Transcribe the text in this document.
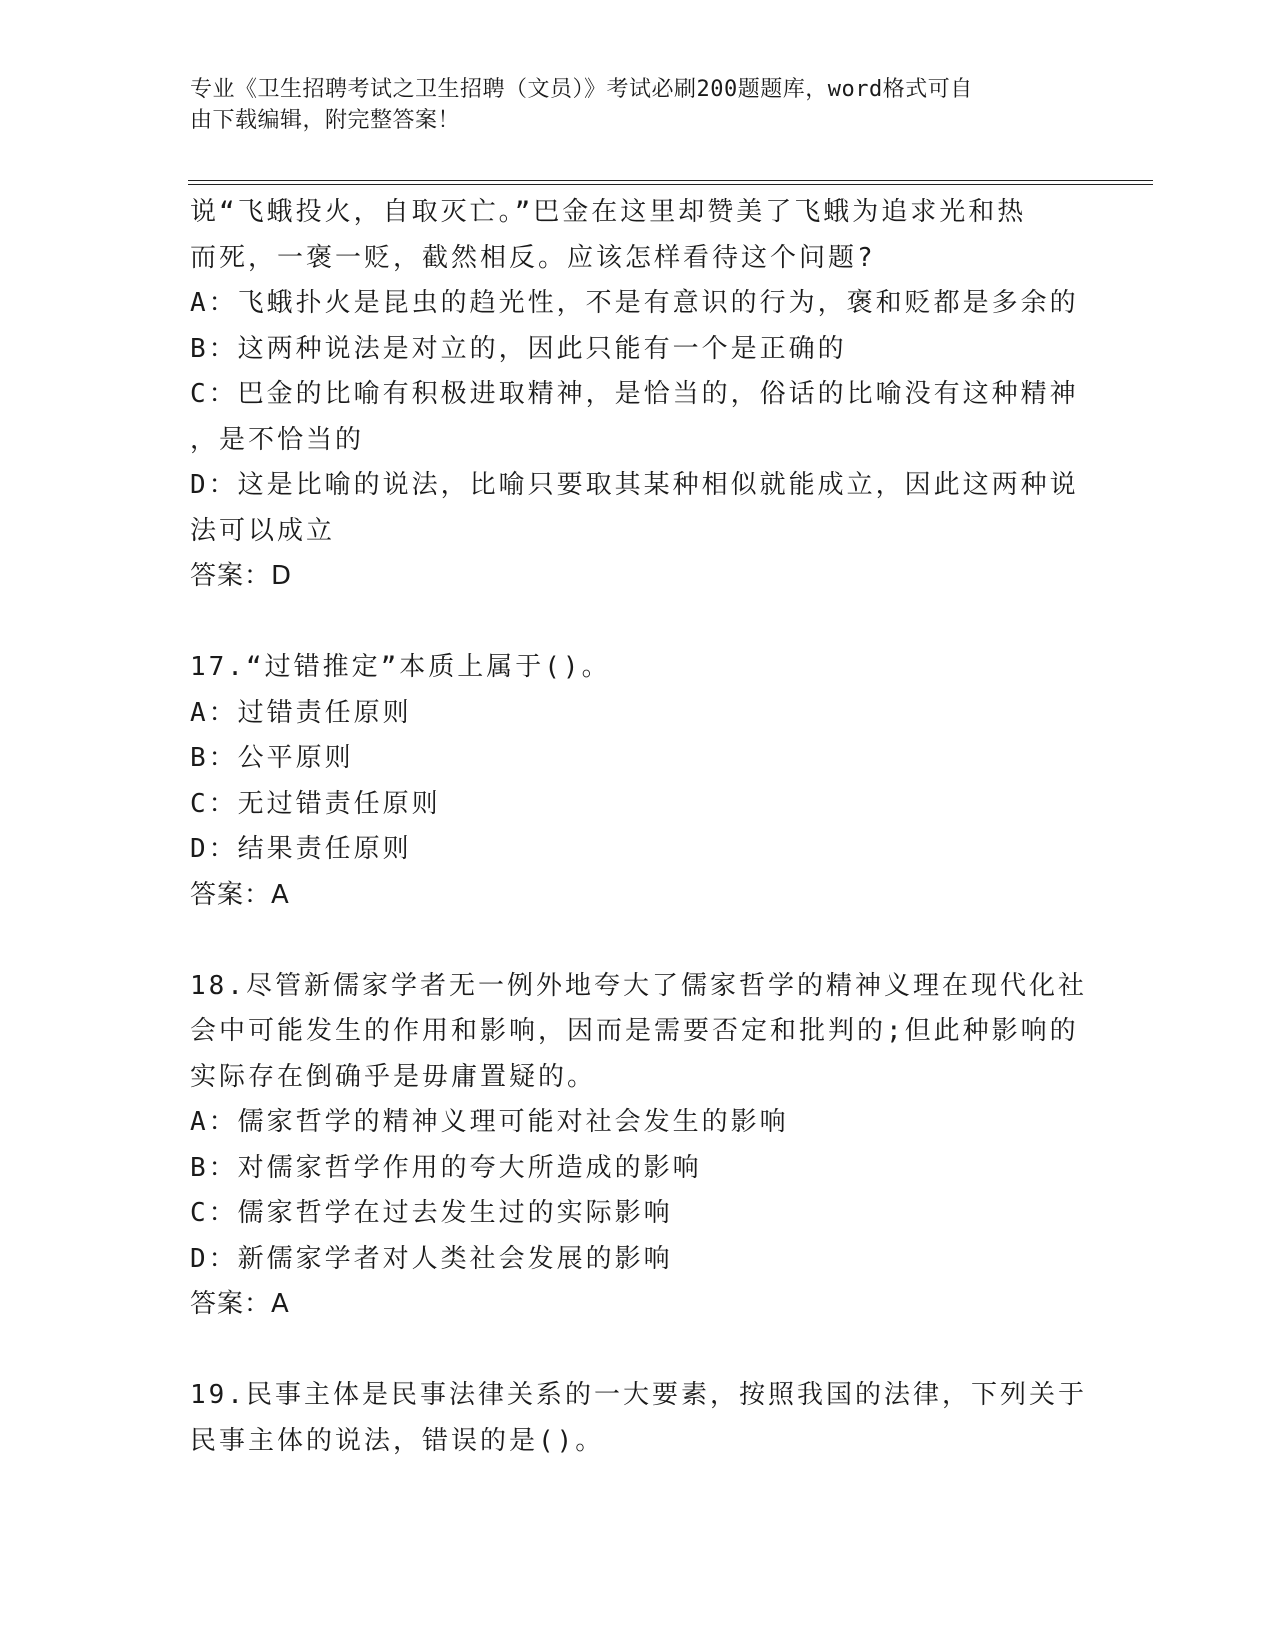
专业《卫生招聘考试之卫生招聘（文员）》考试必刷200题题库，word格式可自
由下载编辑，附完整答案！
说“飞蛾投火，自取灭亡。”巴金在这里却赞美了飞蛾为追求光和热
而死，一褒一贬，截然相反。应该怎样看待这个问题?
A：飞蛾扑火是昆虫的趋光性，不是有意识的行为，褒和贬都是多余的
B：这两种说法是对立的，因此只能有一个是正确的
C：巴金的比喻有积极进取精神，是恰当的，俗话的比喻没有这种精神
，是不恰当的
D：这是比喻的说法，比喻只要取其某种相似就能成立，因此这两种说
法可以成立
答案：D
17.“过错推定”本质上属于()。
A：过错责任原则
B：公平原则
C：无过错责任原则
D：结果责任原则
答案：A
18.尽管新儒家学者无一例外地夸大了儒家哲学的精神义理在现代化社
会中可能发生的作用和影响，因而是需要否定和批判的;但此种影响的
实际存在倒确乎是毋庸置疑的。
A：儒家哲学的精神义理可能对社会发生的影响
B：对儒家哲学作用的夸大所造成的影响
C：儒家哲学在过去发生过的实际影响
D：新儒家学者对人类社会发展的影响
答案：A
19.民事主体是民事法律关系的一大要素，按照我国的法律，下列关于
民事主体的说法，错误的是()。
